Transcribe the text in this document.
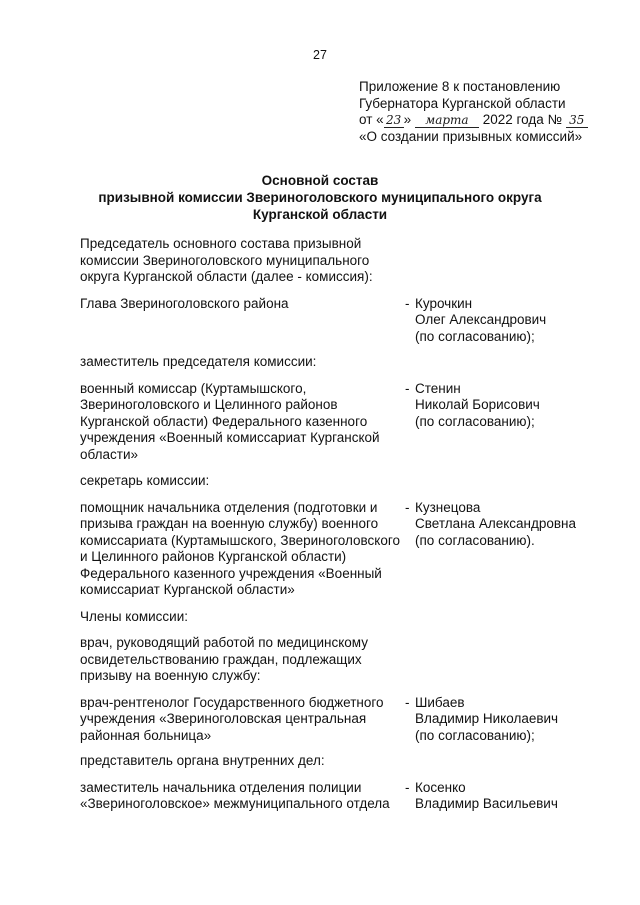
27
Приложение 8 к постановлению
Губернатора Курганской области
от « 23 » марта 2022 года № 35
«О создании призывных комиссий»
Основной состав
призывной комиссии Звериноголовского муниципального округа
Курганской области
Председатель основного состава призывной комиссии Звериноголовского муниципального округа Курганской области (далее - комиссия):
Глава Звериноголовского района	- Курочкин
Олег Александрович
(по согласованию);
заместитель председателя комиссии:
военный комиссар (Куртамышского, Звериноголовского и Целинного районов Курганской области) Федерального казенного учреждения «Военный комиссариат Курганской области»
- Стенин
Николай Борисович
(по согласованию);
секретарь комиссии:
помощник начальника отделения (подготовки и призыва граждан на военную службу) военного комиссариата (Куртамышского, Звериноголовского и Целинного районов Курганской области) Федерального казенного учреждения «Военный комиссариат Курганской области»
- Кузнецова
Светлана Александровна
(по согласованию).
Члены комиссии:
врач, руководящий работой по медицинскому освидетельствованию граждан, подлежащих призыву на военную службу:
врач-рентгенолог Государственного бюджетного учреждения «Звериноголовская центральная районная больница»
- Шибаев
Владимир Николаевич
(по согласованию);
представитель органа внутренних дел:
заместитель начальника отделения полиции «Звериноголовское» межмуниципального отдела
- Косенко
Владимир Васильевич
